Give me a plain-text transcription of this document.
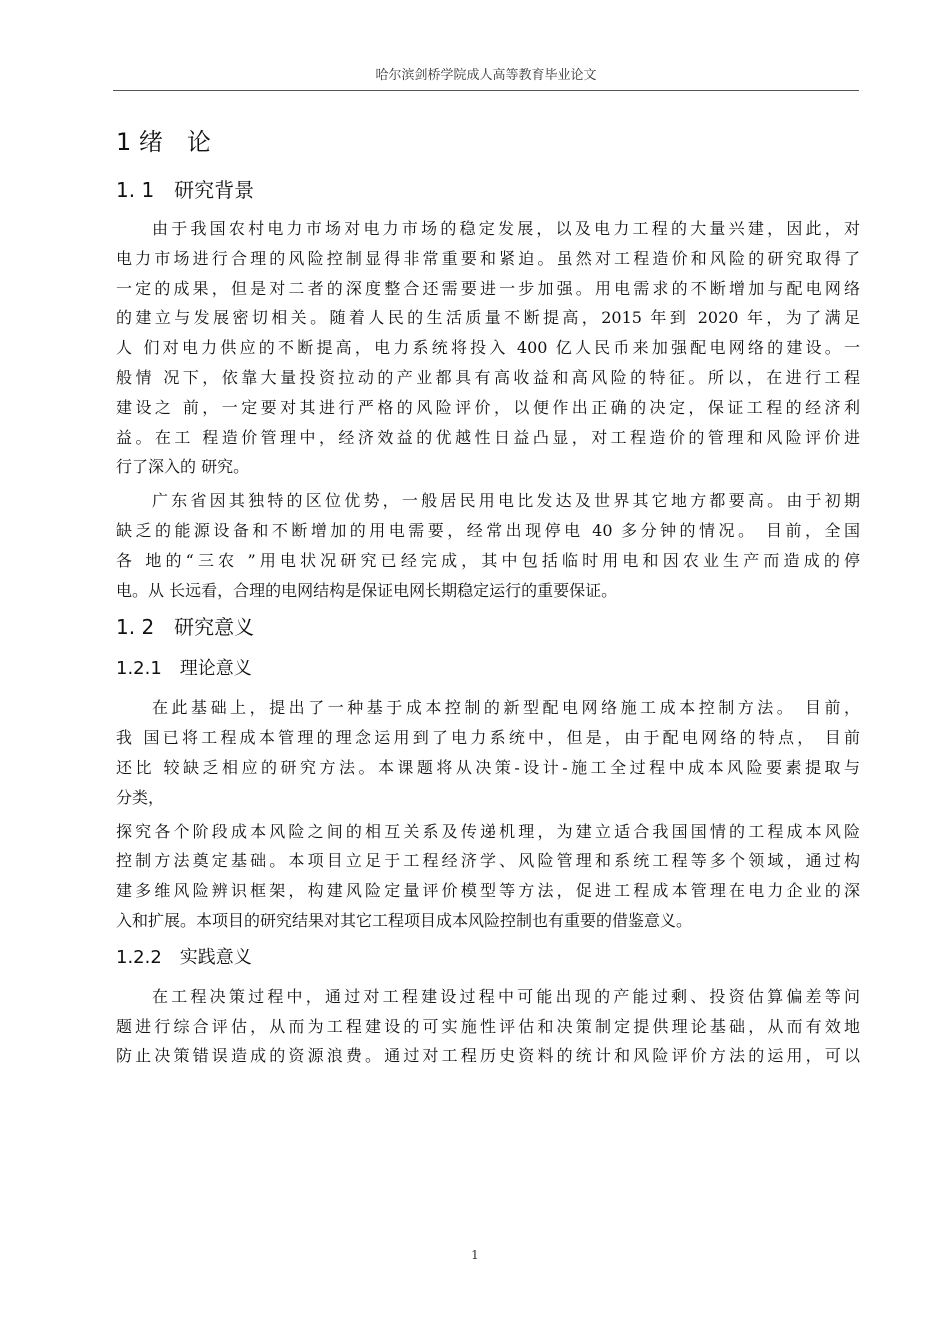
哈尔滨剑桥学院成人高等教育毕业论文
1 绪　论
1. 1　研究背景
由于我国农村电力市场对电力市场的稳定发展，以及电力工程的大量兴建，因此，对
电力市场进行合理的风险控制显得非常重要和紧迫。虽然对工程造价和风险的研究取得了
一定的成果，但是对二者的深度整合还需要进一步加强。用电需求的不断增加与配电网络
的建立与发展密切相关。随着人民的生活质量不断提高，2015 年到 2020 年，为了满足
人 们对电力供应的不断提高，电力系统将投入 400 亿人民币来加强配电网络的建设。一
般情 况下，依靠大量投资拉动的产业都具有高收益和高风险的特征。所以，在进行工程
建设之 前，一定要对其进行严格的风险评价，以便作出正确的决定，保证工程的经济利
益。在工 程造价管理中，经济效益的优越性日益凸显，对工程造价的管理和风险评价进
行了深入的 研究。
广东省因其独特的区位优势，一般居民用电比发达及世界其它地方都要高。由于初期
缺乏的能源设备和不断增加的用电需要，经常出现停电 40 多分钟的情况。 目前，全国
各 地的“三农 ”用电状况研究已经完成，其中包括临时用电和因农业生产而造成的停
电。从 长远看，合理的电网结构是保证电网长期稳定运行的重要保证。
1. 2　研究意义
1.2.1　理论意义
在此基础上，提出了一种基于成本控制的新型配电网络施工成本控制方法。 目前，
我 国已将工程成本管理的理念运用到了电力系统中，但是，由于配电网络的特点， 目前
还比 较缺乏相应的研究方法。本课题将从决策-设计-施工全过程中成本风险要素提取与
分类，
探究各个阶段成本风险之间的相互关系及传递机理，为建立适合我国国情的工程成本风险
控制方法奠定基础。本项目立足于工程经济学、风险管理和系统工程等多个领域，通过构
建多维风险辨识框架，构建风险定量评价模型等方法，促进工程成本管理在电力企业的深
入和扩展。本项目的研究结果对其它工程项目成本风险控制也有重要的借鉴意义。
1.2.2　实践意义
在工程决策过程中，通过对工程建设过程中可能出现的产能过剩、投资估算偏差等问
题进行综合评估，从而为工程建设的可实施性评估和决策制定提供理论基础，从而有效地
防止决策错误造成的资源浪费。通过对工程历史资料的统计和风险评价方法的运用，可以
1
